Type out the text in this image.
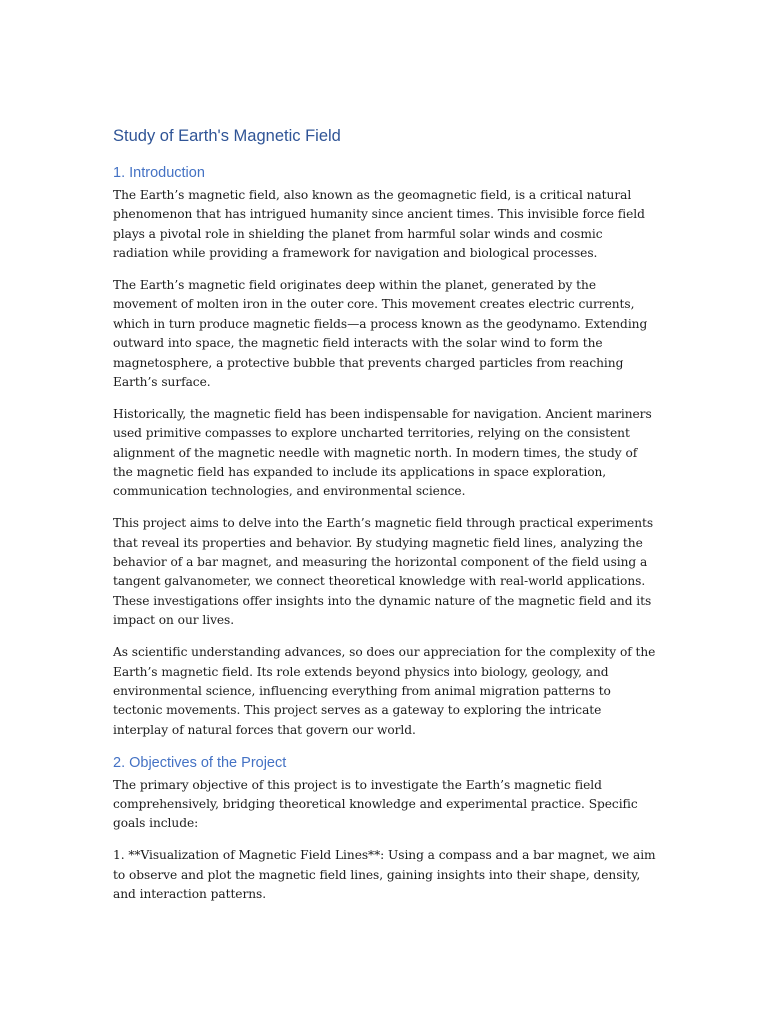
Study of Earth's Magnetic Field
1. Introduction

The Earth’s magnetic field, also known as the geomagnetic field, is a critical natural phenomenon that has intrigued humanity since ancient times. This invisible force field plays a pivotal role in shielding the planet from harmful solar winds and cosmic radiation while providing a framework for navigation and biological processes.

The Earth’s magnetic field originates deep within the planet, generated by the movement of molten iron in the outer core. This movement creates electric currents, which in turn produce magnetic fields—a process known as the geodynamo. Extending outward into space, the magnetic field interacts with the solar wind to form the magnetosphere, a protective bubble that prevents charged particles from reaching Earth’s surface.

Historically, the magnetic field has been indispensable for navigation. Ancient mariners used primitive compasses to explore uncharted territories, relying on the consistent alignment of the magnetic needle with magnetic north. In modern times, the study of the magnetic field has expanded to include its applications in space exploration, communication technologies, and environmental science.

This project aims to delve into the Earth’s magnetic field through practical experiments that reveal its properties and behavior. By studying magnetic field lines, analyzing the behavior of a bar magnet, and measuring the horizontal component of the field using a tangent galvanometer, we connect theoretical knowledge with real-world applications. These investigations offer insights into the dynamic nature of the magnetic field and its impact on our lives.

As scientific understanding advances, so does our appreciation for the complexity of the Earth’s magnetic field. Its role extends beyond physics into biology, geology, and environmental science, influencing everything from animal migration patterns to tectonic movements. This project serves as a gateway to exploring the intricate interplay of natural forces that govern our world.

2. Objectives of the Project

The primary objective of this project is to investigate the Earth’s magnetic field comprehensively, bridging theoretical knowledge and experimental practice. Specific goals include:

1. **Visualization of Magnetic Field Lines**: Using a compass and a bar magnet, we aim to observe and plot the magnetic field lines, gaining insights into their shape, density, and interaction patterns.
